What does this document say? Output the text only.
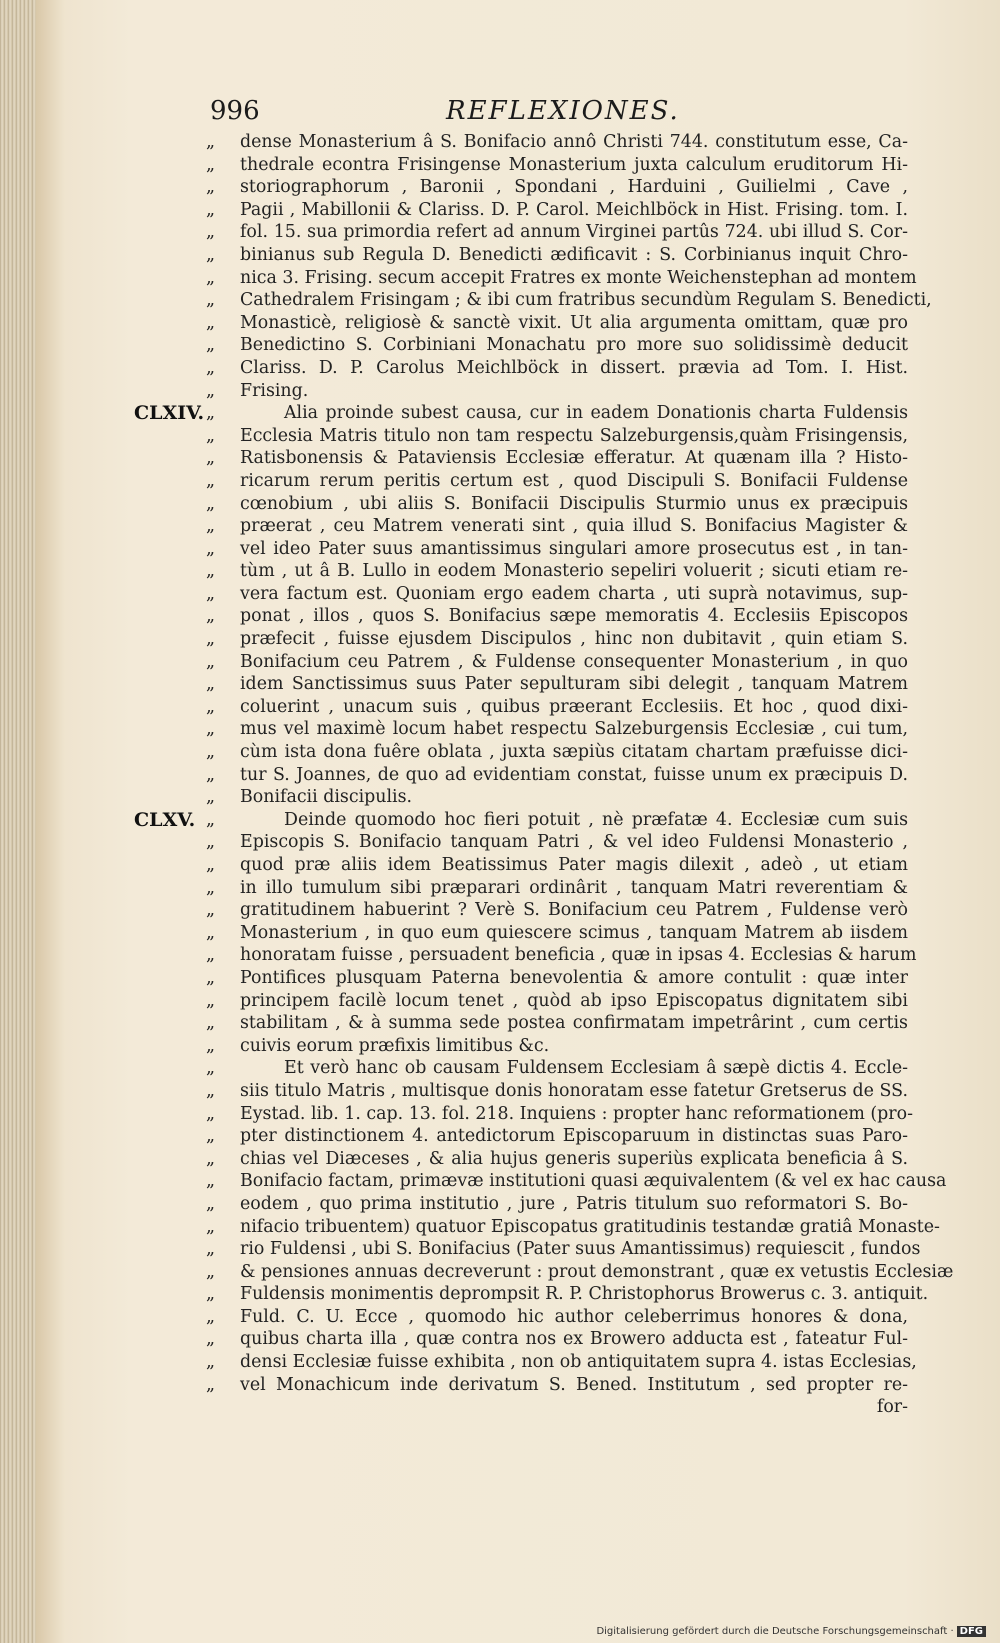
996	REFLEXIONES.
„	dense Monasterium â S. Bonifacio annô Christi 744. constitutum esse, Ca-
„	thedrale econtra Frisingense Monasterium juxta calculum eruditorum Hi-
„	storiographorum , Baronii , Spondani , Harduini , Guilielmi , Cave ,
„	Pagii , Mabillonii & Clariss. D. P. Carol. Meichlböck in Hist. Frising. tom. I.
„	fol. 15. sua primordia refert ad annum Virginei partûs 724. ubi illud S. Cor-
„	binianus sub Regula D. Benedicti ædificavit : S. Corbinianus inquit Chro-
„	nica 3. Frising. secum accepit Fratres ex monte Weichenstephan ad montem
„	Cathedralem Frisingam ; & ibi cum fratribus secundùm Regulam S. Benedicti,
„	Monasticè, religiosè & sanctè vixit. Ut alia argumenta omittam, quæ pro
„	Benedictino S. Corbiniani Monachatu pro more suo solidissimè deducit
„	Clariss. D. P. Carolus Meichlböck in dissert. prævia ad Tom. I. Hist.
„	Frising.
CLXIV. „	Alia proinde subest causa, cur in eadem Donationis charta Fuldensis
„	Ecclesia Matris titulo non tam respectu Salzeburgensis,quàm Frisingensis,
„	Ratisbonensis & Pataviensis Ecclesiæ efferatur. At quænam illa ? Histo-
„	ricarum rerum peritis certum est , quod Discipuli S. Bonifacii Fuldense
„	cœnobium , ubi aliis S. Bonifacii Discipulis Sturmio unus ex præcipuis
„	præerat , ceu Matrem venerati sint , quia illud S. Bonifacius Magister &
„	vel ideo Pater suus amantissimus singulari amore prosecutus est , in tan-
„	tùm , ut â B. Lullo in eodem Monasterio sepeliri voluerit ; sicuti etiam re-
„	vera factum est. Quoniam ergo eadem charta , uti suprà notavimus, sup-
„	ponat , illos , quos S. Bonifacius sæpe memoratis 4. Ecclesiis Episcopos
„	præfecit , fuisse ejusdem Discipulos , hinc non dubitavit , quin etiam S.
„	Bonifacium ceu Patrem , & Fuldense consequenter Monasterium , in quo
„	idem Sanctissimus suus Pater sepulturam sibi delegit , tanquam Matrem
„	coluerint , unacum suis , quibus præerant Ecclesiis. Et hoc , quod dixi-
„	mus vel maximè locum habet respectu Salzeburgensis Ecclesiæ , cui tum,
„	cùm ista dona fuêre oblata , juxta sæpiùs citatam chartam præfuisse dici-
„	tur S. Joannes, de quo ad evidentiam constat, fuisse unum ex præcipuis D.
„	Bonifacii discipulis.
CLXV. „	Deinde quomodo hoc fieri potuit , nè præfatæ 4. Ecclesiæ cum suis
„	Episcopis S. Bonifacio tanquam Patri , & vel ideo Fuldensi Monasterio ,
„	quod præ aliis idem Beatissimus Pater magis dilexit , adeò , ut etiam
„	in illo tumulum sibi præparari ordinârit , tanquam Matri reverentiam &
„	gratitudinem habuerint ? Verè S. Bonifacium ceu Patrem , Fuldense verò
„	Monasterium , in quo eum quiescere scimus , tanquam Matrem ab iisdem
„	honoratam fuisse , persuadent beneficia , quæ in ipsas 4. Ecclesias & harum
„	Pontifices plusquam Paterna benevolentia & amore contulit : quæ inter
„	principem facilè locum tenet , quòd ab ipso Episcopatus dignitatem sibi
„	stabilitam , & à summa sede postea confirmatam impetrârint , cum certis
„	cuivis eorum præfixis limitibus &c.
„	Et verò hanc ob causam Fuldensem Ecclesiam â sæpè dictis 4. Eccle-
„	siis titulo Matris , multisque donis honoratam esse fatetur Gretserus de SS.
„	Eystad. lib. 1. cap. 13. fol. 218. Inquiens : propter hanc reformationem (pro-
„	pter distinctionem 4. antedictorum Episcoparuum in distinctas suas Paro-
„	chias vel Diæceses , & alia hujus generis superiùs explicata beneficia â S.
„	Bonifacio factam, primævæ institutioni quasi æquivalentem (& vel ex hac causa
„	eodem , quo prima institutio , jure , Patris titulum suo reformatori S. Bo-
„	nifacio tribuentem) quatuor Episcopatus gratitudinis testandæ gratiâ Monaste-
„	rio Fuldensi , ubi S. Bonifacius (Pater suus Amantissimus) requiescit , fundos
„	& pensiones annuas decreverunt : prout demonstrant , quæ ex vetustis Ecclesiæ
„	Fuldensis monimentis deprompsit R. P. Christophorus Browerus c. 3. antiquit.
„	Fuld. C. U. Ecce , quomodo hic author celeberrimus honores & dona,
„	quibus charta illa , quæ contra nos ex Browero adducta est , fateatur Ful-
„	densi Ecclesiæ fuisse exhibita , non ob antiquitatem supra 4. istas Ecclesias,
„	vel Monachicum inde derivatum S. Bened. Institutum , sed propter re-
for-
Digitalisierung gefördert durch die Deutsche Forschungsgemeinschaft · DFG
